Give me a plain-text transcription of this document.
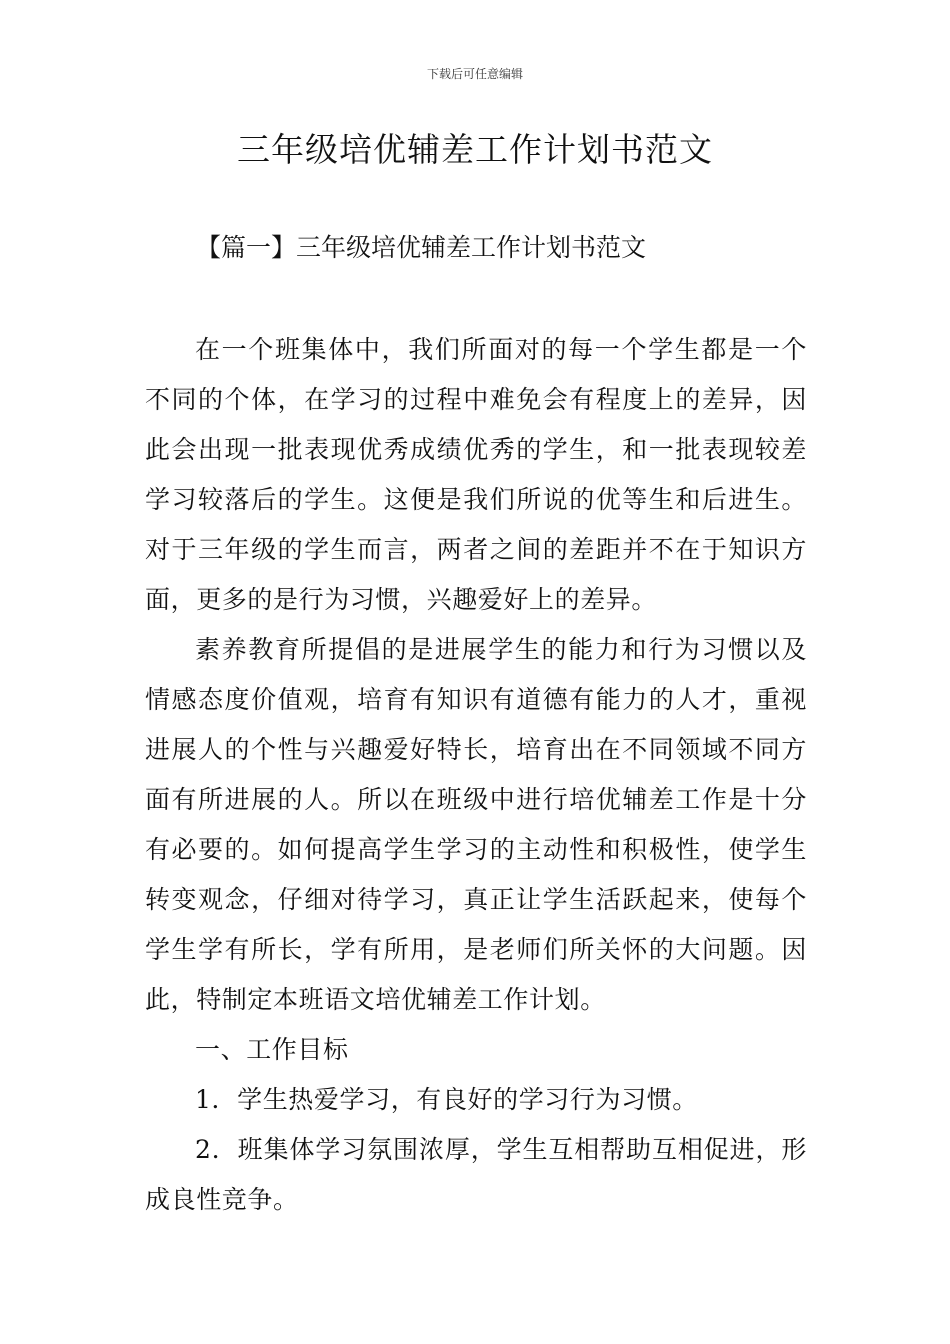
下载后可任意编辑
三年级培优辅差工作计划书范文
【篇一】三年级培优辅差工作计划书范文

在一个班集体中，我们所面对的每一个学生都是一个不同的个体，在学习的过程中难免会有程度上的差异，因此会出现一批表现优秀成绩优秀的学生，和一批表现较差学习较落后的学生。这便是我们所说的优等生和后进生。对于三年级的学生而言，两者之间的差距并不在于知识方面，更多的是行为习惯，兴趣爱好上的差异。

素养教育所提倡的是进展学生的能力和行为习惯以及情感态度价值观，培育有知识有道德有能力的人才，重视进展人的个性与兴趣爱好特长，培育出在不同领域不同方面有所进展的人。所以在班级中进行培优辅差工作是十分有必要的。如何提高学生学习的主动性和积极性，使学生转变观念，仔细对待学习，真正让学生活跃起来，使每个学生学有所长，学有所用，是老师们所关怀的大问题。因此，特制定本班语文培优辅差工作计划。

一、工作目标

1．学生热爱学习，有良好的学习行为习惯。

2．班集体学习氛围浓厚，学生互相帮助互相促进，形成良性竞争。
